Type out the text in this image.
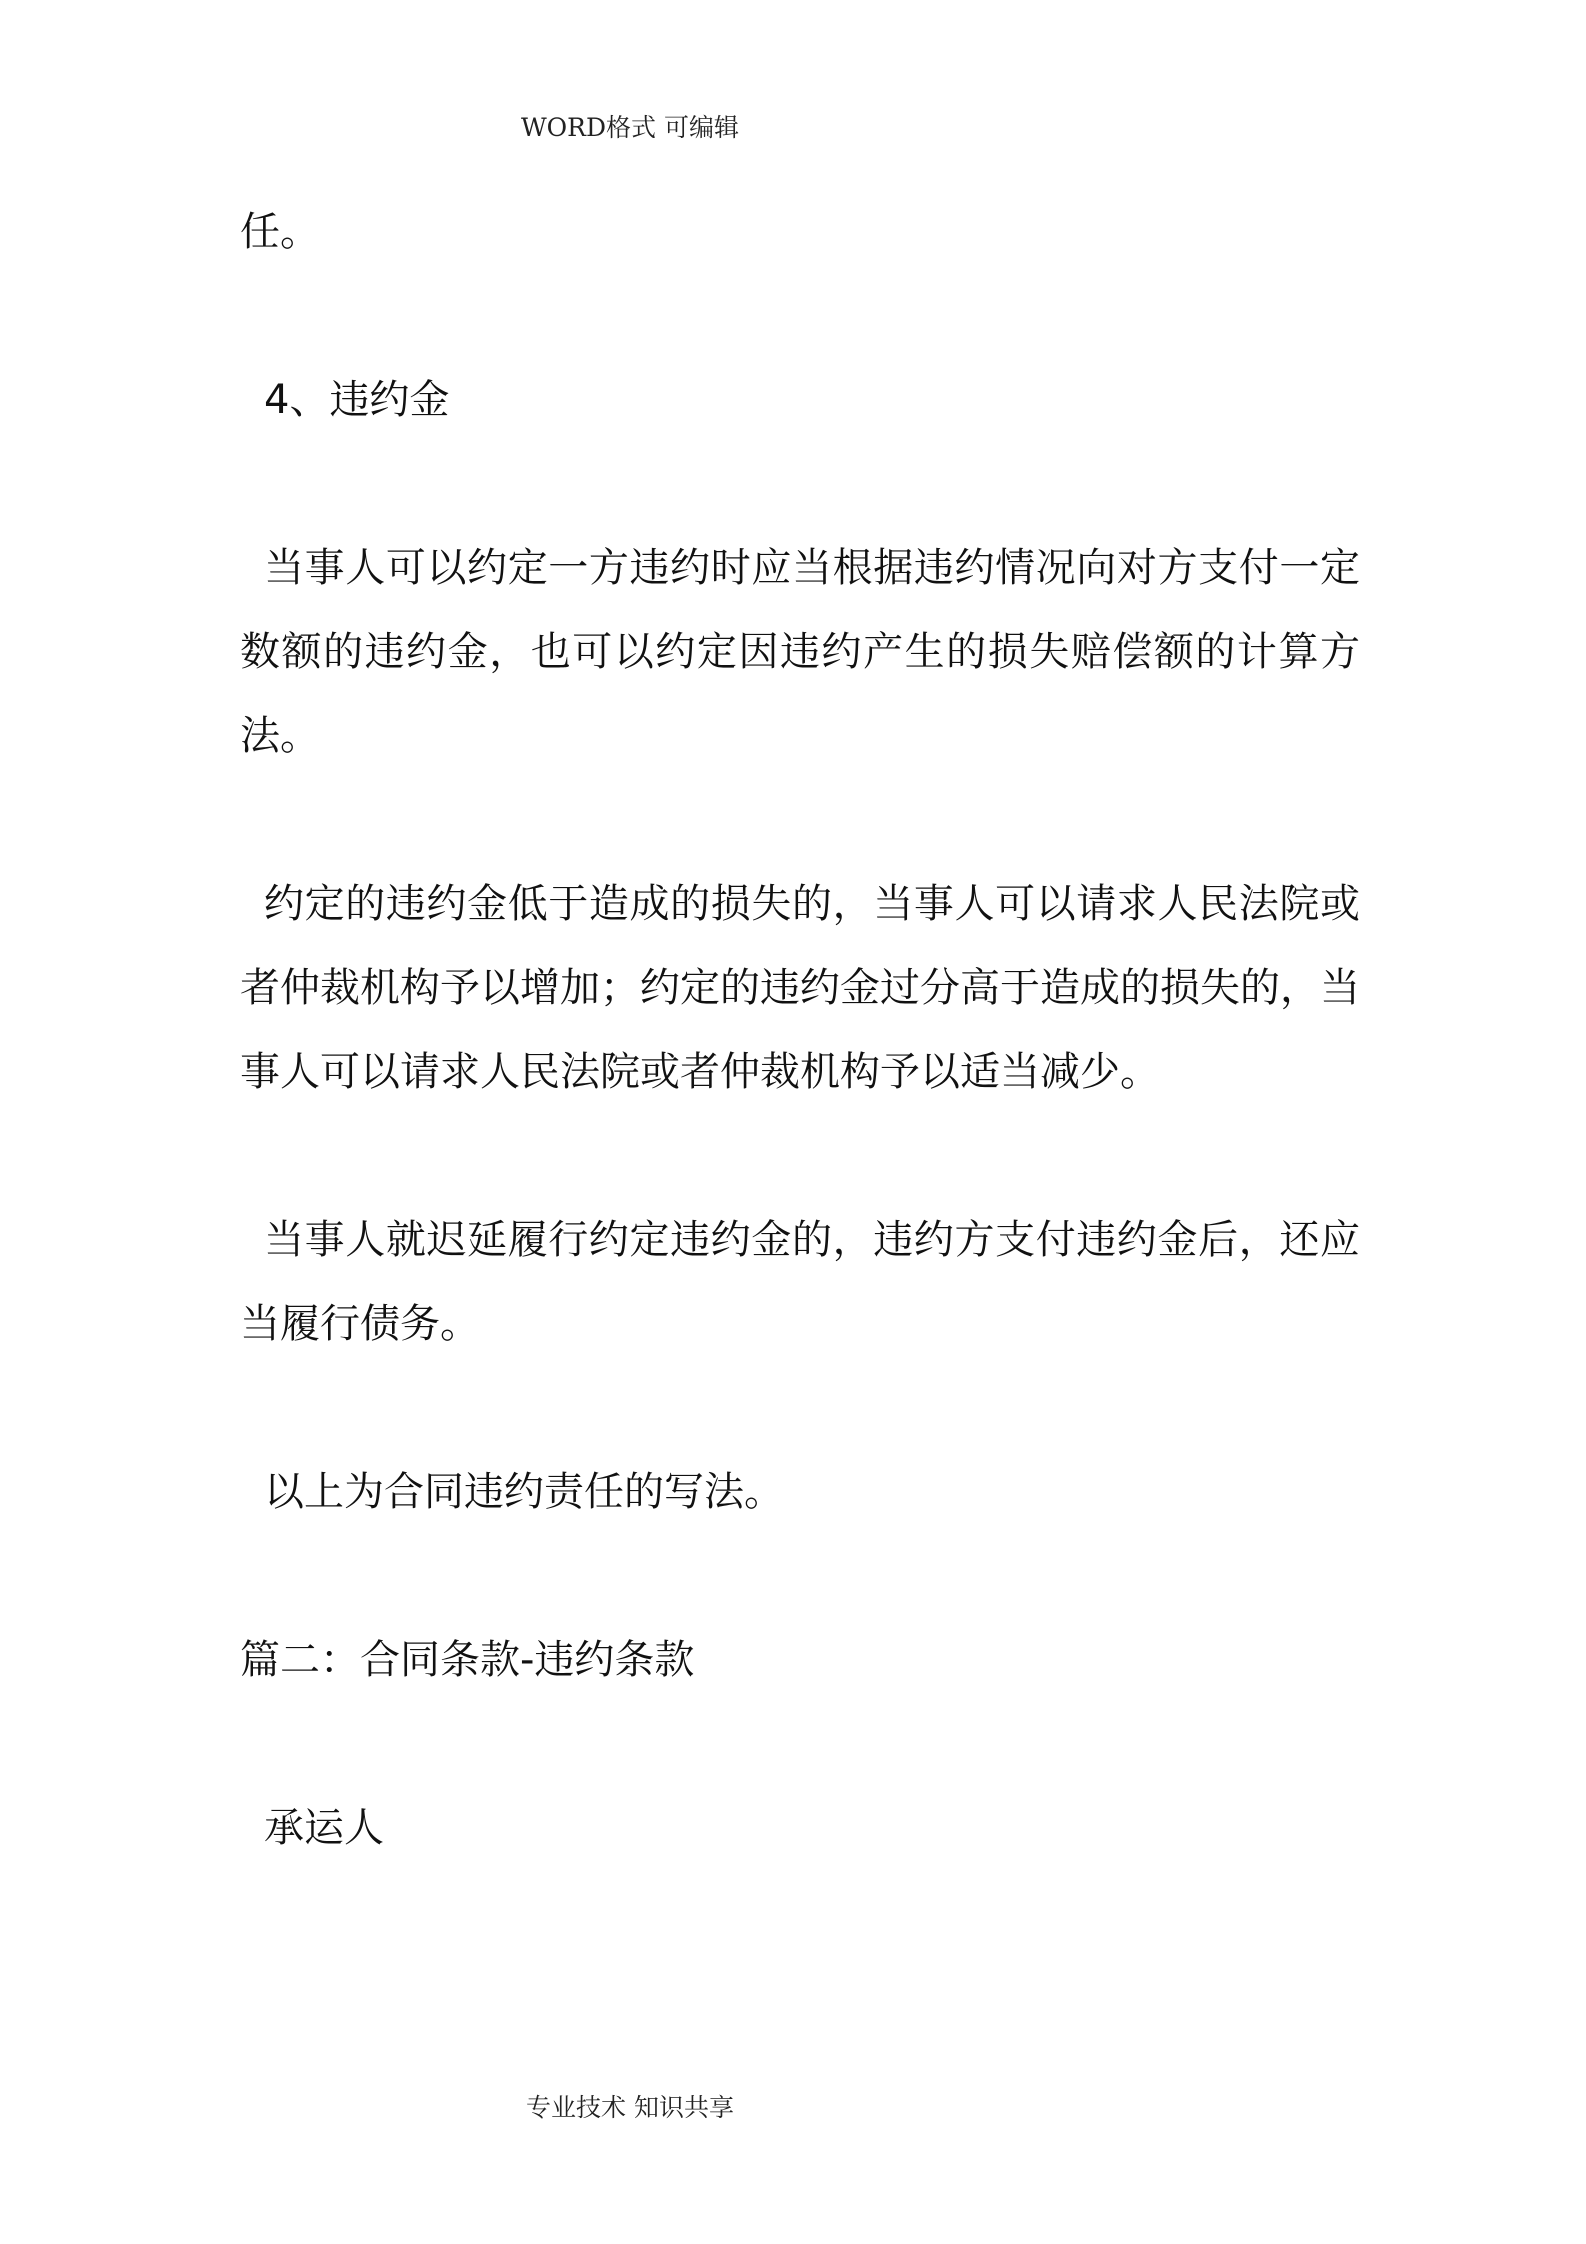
WORD格式 可编辑

任。

4、违约金

当事人可以约定一方违约时应当根据违约情况向对方支付一定数额的违约金，也可以约定因违约产生的损失赔偿额的计算方法。

约定的违约金低于造成的损失的，当事人可以请求人民法院或者仲裁机构予以增加；约定的违约金过分高于造成的损失的，当事人可以请求人民法院或者仲裁机构予以适当减少。

当事人就迟延履行约定违约金的，违约方支付违约金后，还应当履行债务。

以上为合同违约责任的写法。

篇二：合同条款-违约条款

承运人

专业技术 知识共享
